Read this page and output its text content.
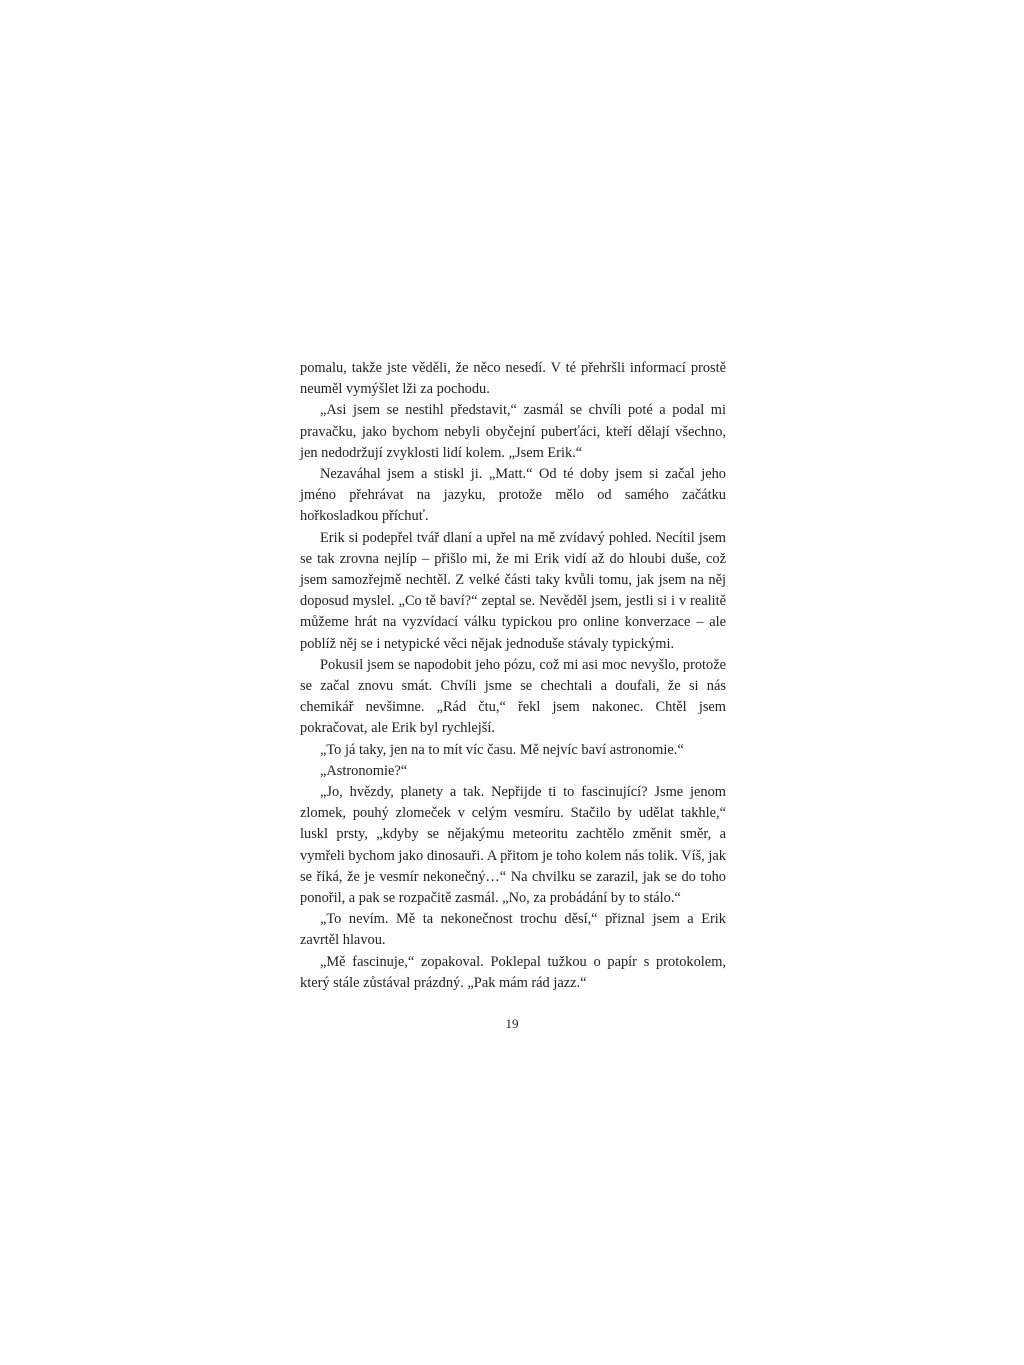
pomalu, takže jste věděli, že něco nesedí. V té přehršli informací prostě neuměl vymýšlet lži za pochodu.

„Asi jsem se nestihl představit,“ zasmál se chvíli poté a podal mi pravačku, jako bychom nebyli obyčejní puberťáci, kteří dělají všechno, jen nedodržují zvyklosti lidí kolem. „Jsem Erik.“

Nezaváhal jsem a stiskl ji. „Matt.“ Od té doby jsem si začal jeho jméno přehrávat na jazyku, protože mělo od samého začátku hořkosladkou příchuť.

Erik si podepřel tvář dlaní a upřel na mě zvídavý pohled. Necítil jsem se tak zrovna nejlíp – přišlo mi, že mi Erik vidí až do hloubi duše, což jsem samozřejmě nechtěl. Z velké části taky kvůli tomu, jak jsem na něj doposud myslel. „Co tě baví?“ zeptal se. Nevěděl jsem, jestli si i v realitě můžeme hrát na vyzvídací válku typickou pro online konverzace – ale poblíž něj se i netypické věci nějak jednoduše stávaly typickými.

Pokusil jsem se napodobit jeho pózu, což mi asi moc nevyšlo, protože se začal znovu smát. Chvíli jsme se chechtali a doufali, že si nás chemikář nevšimne. „Rád čtu,“ řekl jsem nakonec. Chtěl jsem pokračovat, ale Erik byl rychlejší.

„To já taky, jen na to mít víc času. Mě nejvíc baví astronomie.“

„Astronomie?“

„Jo, hvězdy, planety a tak. Nepřijde ti to fascinující? Jsme jenom zlomek, pouhý zlomeček v celým vesmíru. Stačilo by udělat takhle,“ luskl prsty, „kdyby se nějakýmu meteoritu zachtělo změnit směr, a vymřeli bychom jako dinosauři. A přitom je toho kolem nás tolik. Víš, jak se říká, že je vesmír nekonečný…“ Na chvilku se zarazil, jak se do toho ponořil, a pak se rozpačitě zasmál. „No, za probádání by to stálo.“

„To nevím. Mě ta nekonečnost trochu děsí,“ přiznal jsem a Erik zavrtěl hlavou.

„Mě fascinuje,“ zopakoval. Poklepal tužkou o papír s protokolem, který stále zůstával prázdný. „Pak mám rád jazz.“

19
